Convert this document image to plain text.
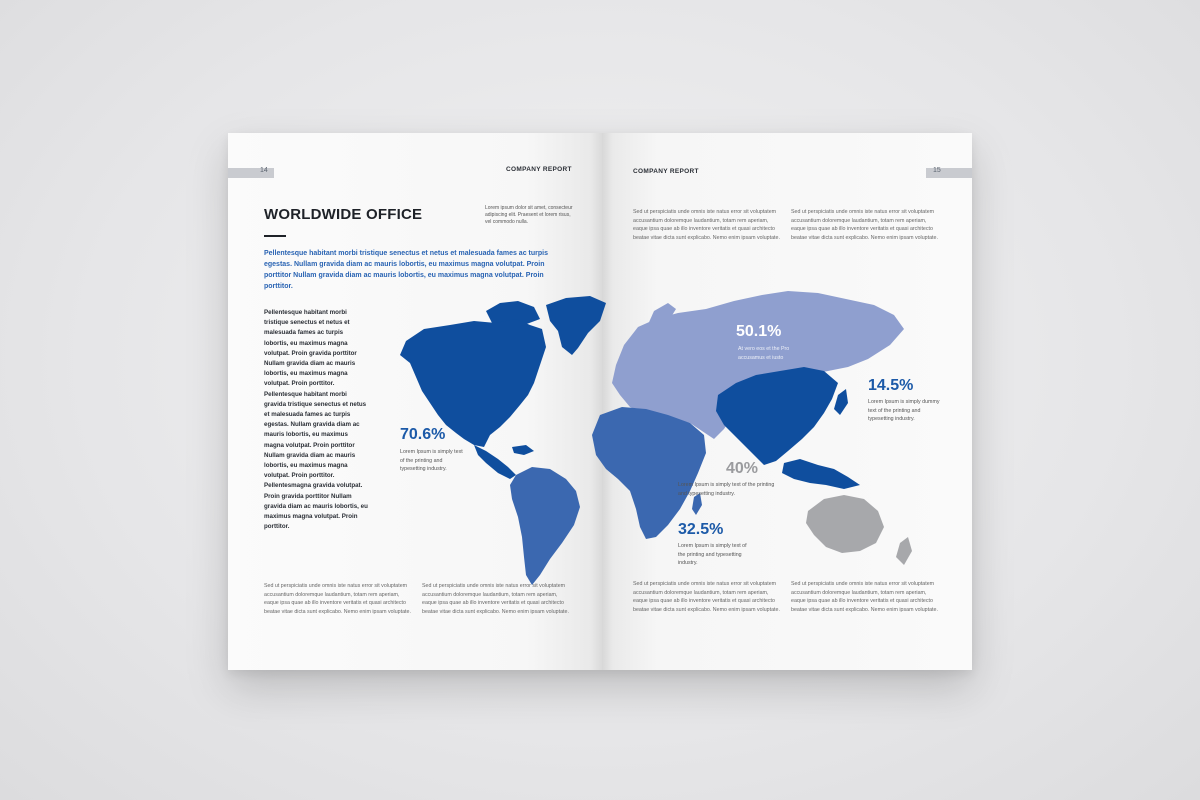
14	COMPANY REPORT
WORLDWIDE OFFICE	Lorem ipsum dolor sit amet, consecteur adipiscing elit. Praesent et lorem risus, vel commodo nulla.
Pellentesque habitant morbi tristique senectus et netus et malesuada fames ac turpis egestas. Nullam gravida diam ac mauris lobortis, eu maximus magna volutpat. Proin porttitor Nullam gravida diam ac mauris lobortis, eu maximus magna volutpat. Proin porttitor.
Pellentesque habitant morbi tristique senectus et netus et malesuada fames ac turpis lobortis, eu maximus magna volutpat. Proin gravida porttitor Nullam gravida diam ac mauris lobortis, eu maximus magna volutpat. Proin porttitor. Pellentesque habitant morbi gravida tristique senectus et netus et malesuada fames ac turpis egestas. Nullam gravida diam ac mauris lobortis, eu maximus magna volutpat. Proin porttitor Nullam gravida diam ac mauris lobortis, eu maximus magna volutpat. Proin porttitor. Pellentesmagna gravida volutpat. Proin gravida porttitor Nullam gravida diam ac mauris lobortis, eu maximus magna volutpat. Proin porttitor.
Sed ut perspiciatis unde omnis iste natus error sit voluptatem accusantium doloremque laudantium, totam rem aperiam, eaque ipsa quae ab illo inventore veritatis et quasi architecto beatae vitae dicta sunt explicabo. Nemo enim ipsam voluptate.
Sed ut perspiciatis unde omnis iste natus error sit voluptatem accusantium doloremque laudantium, totam rem aperiam, eaque ipsa quae ab illo inventore veritatis et quasi architecto beatae vitae dicta sunt explicabo. Nemo enim ipsam voluptate.
COMPANY REPORT	15
Sed ut perspiciatis unde omnis iste natus error sit voluptatem accusantium doloremque laudantium, totam rem aperiam, eaque ipsa quae ab illo inventore veritatis et quasi architecto beatae vitae dicta sunt explicabo. Nemo enim ipsam voluptate.
Sed ut perspiciatis unde omnis iste natus error sit voluptatem accusantium doloremque laudantium, totam rem aperiam, eaque ipsa quae ab illo inventore veritatis et quasi architecto beatae vitae dicta sunt explicabo. Nemo enim ipsam voluptate.
Sed ut perspiciatis unde omnis iste natus error sit voluptatem accusantium doloremque laudantium, totam rem aperiam, eaque ipsa quae ab illo inventore veritatis et quasi architecto beatae vitae dicta sunt explicabo. Nemo enim ipsam voluptate.
Sed ut perspiciatis unde omnis iste natus error sit voluptatem accusantium doloremque laudantium, totam rem aperiam, eaque ipsa quae ab illo inventore veritatis et quasi architecto beatae vitae dicta sunt explicabo. Nemo enim ipsam voluptate.
70.6%
Lorem Ipsum is simply text of the printing and typesetting industry.
50.1%
At vero eos et the Pro accusamus et iusto
14.5%
Lorem Ipsum is simply dummy text of the printing and typesetting industry.
40%
Lorem Ipsum is simply text of the printing and typesetting industry.
32.5%
Lorem Ipsum is simply text of the printing and typesetting industry.
